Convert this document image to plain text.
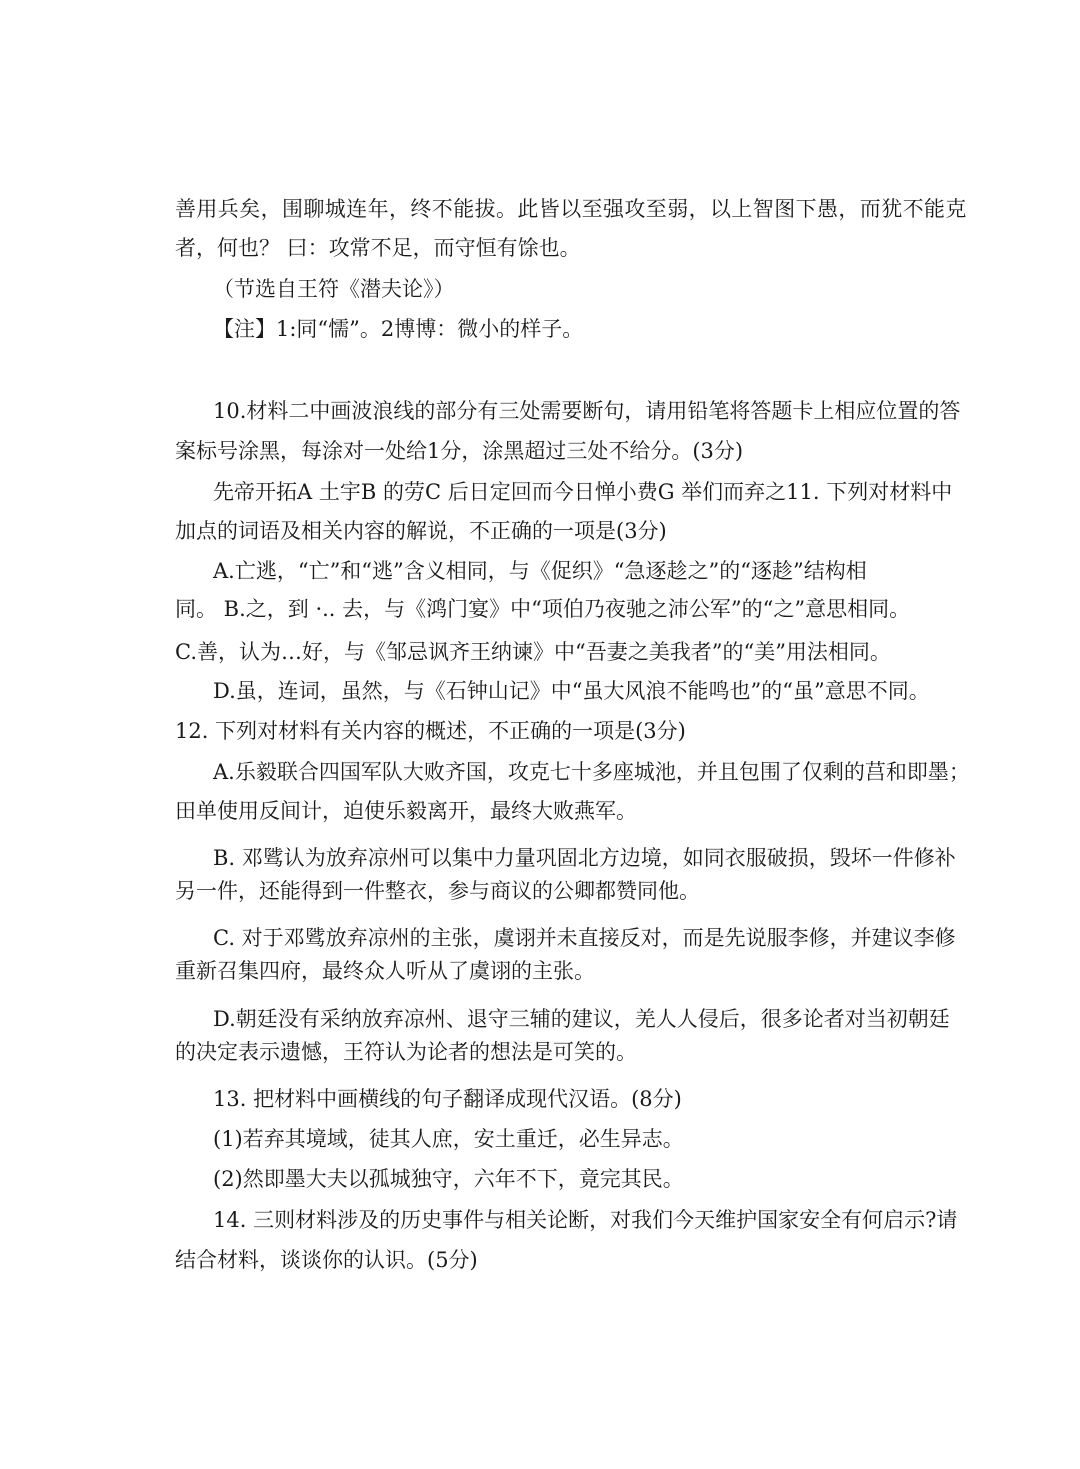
善用兵矣，围聊城连年，终不能拔。此皆以至强攻至弱，以上智图下愚，而犹不能克
者，何也？ 曰：攻常不足，而守恒有馀也。
（节选自王符《潜夫论》）
【注】1:同“懦”。2博博：微小的样子。
10.材料二中画波浪线的部分有三处需要断句，请用铅笔将答题卡上相应位置的答
案标号涂黑，每涂对一处给1分，涂黑超过三处不给分。(3分)
先帝开拓A 土宇B 的劳C 后日定回而今日惮小费G 举们而弃之11. 下列对材料中
加点的词语及相关内容的解说，不正确的一项是(3分)
A.亡逃，“亡”和“逃”含义相同，与《促织》“急逐趁之”的“逐趁”结构相
同。 B.之，到 ·.. 去，与《鸿门宴》中“项伯乃夜驰之沛公军”的“之”意思相同。
C.善，认为…好，与《邹忌讽齐王纳谏》中“吾妻之美我者”的“美”用法相同。
D.虽，连词，虽然，与《石钟山记》中“虽大风浪不能鸣也”的“虽”意思不同。
12. 下列对材料有关内容的概述，不正确的一项是(3分)
A.乐毅联合四国军队大败齐国，攻克七十多座城池，并且包围了仅剩的莒和即墨；
田单使用反间计，迫使乐毅离开，最终大败燕军。
B. 邓骘认为放弃凉州可以集中力量巩固北方边境，如同衣服破损，毁坏一件修补
另一件，还能得到一件整衣，参与商议的公卿都赞同他。
C. 对于邓骘放弃凉州的主张，虞诩并未直接反对，而是先说服李修，并建议李修
重新召集四府，最终众人听从了虞诩的主张。
D.朝廷没有采纳放弃凉州、退守三辅的建议，羌人人侵后，很多论者对当初朝廷
的决定表示遗憾，王符认为论者的想法是可笑的。
13. 把材料中画横线的句子翻译成现代汉语。(8分)
(1)若弃其境域，徒其人庶，安土重迁，必生异志。
(2)然即墨大夫以孤城独守，六年不下，竟完其民。
14. 三则材料涉及的历史事件与相关论断，对我们今天维护国家安全有何启示?请
结合材料，谈谈你的认识。(5分)
